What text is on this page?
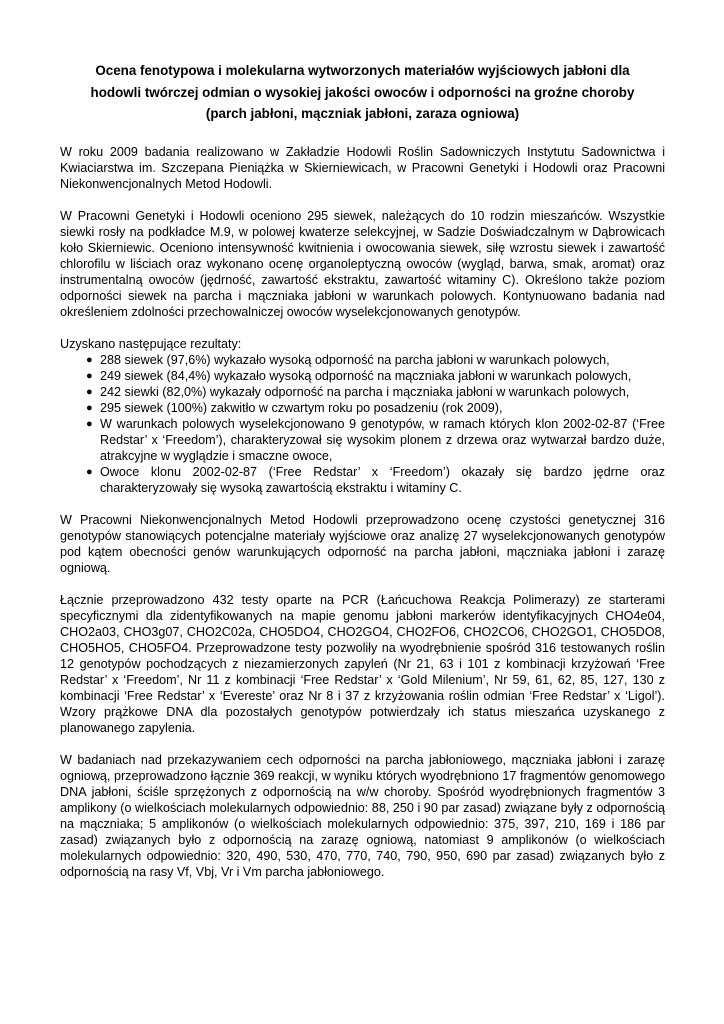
Ocena fenotypowa i molekularna wytworzonych materiałów wyjściowych jabłoni dla
hodowli twórczej odmian o wysokiej jakości owoców i odporności na groźne choroby
(parch jabłoni, mączniak jabłoni, zaraza ogniowa)

W roku 2009 badania realizowano w Zakładzie Hodowli Roślin Sadowniczych Instytutu Sadownictwa i Kwiaciarstwa im. Szczepana Pieniążka w Skierniewicach, w Pracowni Genetyki i Hodowli oraz Pracowni Niekonwencjonalnych Metod Hodowli.

W Pracowni Genetyki i Hodowli oceniono 295 siewek, należących do 10 rodzin mieszańców. Wszystkie siewki rosły na podkładce M.9, w polowej kwaterze selekcyjnej, w Sadzie Doświadczalnym w Dąbrowicach koło Skierniewic. Oceniono intensywność kwitnienia i owocowania siewek, siłę wzrostu siewek i zawartość chlorofilu w liściach oraz wykonano ocenę organoleptyczną owoców (wygląd, barwa, smak, aromat) oraz instrumentalną owoców (jędrność, zawartość ekstraktu, zawartość witaminy C). Określono także poziom odporności siewek na parcha i mączniaka jabłoni w warunkach polowych. Kontynuowano badania nad określeniem zdolności przechowalniczej owoców wyselekcjonowanych genotypów.

Uzyskano następujące rezultaty:

● 288 siewek (97,6%) wykazało wysoką odporność na parcha jabłoni w warunkach polowych,
● 249 siewek (84,4%) wykazało wysoką odporność na mączniaka jabłoni w warunkach polowych,
● 242 siewki (82,0%) wykazały odporność na parcha i mączniaka jabłoni w warunkach polowych,
● 295 siewek (100%) zakwitło w czwartym roku po posadzeniu (rok 2009),
● W warunkach polowych wyselekcjonowano 9 genotypów, w ramach których klon 2002-02-87 (‘Free Redstar’ x ‘Freedom’), charakteryzował się wysokim plonem z drzewa oraz wytwarzał bardzo duże, atrakcyjne w wyglądzie i smaczne owoce,
● Owoce klonu 2002-02-87 (‘Free Redstar’ x ‘Freedom’) okazały się bardzo jędrne oraz charakteryzowały się wysoką zawartością ekstraktu i witaminy C.

W Pracowni Niekonwencjonalnych Metod Hodowli przeprowadzono ocenę czystości genetycznej 316 genotypów stanowiących potencjalne materiały wyjściowe oraz analizę 27 wyselekcjonowanych genotypów pod kątem obecności genów warunkujących odporność na parcha jabłoni, mączniaka jabłoni i zarazę ogniową.

Łącznie przeprowadzono 432 testy oparte na PCR (Łańcuchowa Reakcja Polimerazy) ze starterami specyficznymi dla zidentyfikowanych na mapie genomu jabłoni markerów identyfikacyjnych CHO4e04, CHO2a03, CHO3g07, CHO2C02a, CHO5DO4, CHO2GO4, CHO2FO6, CHO2CO6, CHO2GO1, CHO5DO8, CHO5HO5, CHO5FO4. Przeprowadzone testy pozwoliły na wyodrębnienie spośród 316 testowanych roślin 12 genotypów pochodzących z niezamierzonych zapyleń (Nr 21, 63 i 101 z kombinacji krzyżowań ‘Free Redstar’ x ‘Freedom’, Nr 11 z kombinacji ‘Free Redstar’ x ‘Gold Milenium’, Nr 59, 61, 62, 85, 127, 130 z kombinacji ‘Free Redstar’ x ‘Evereste’ oraz Nr 8 i 37 z krzyżowania roślin odmian ‘Free Redstar’ x ‘Ligol’). Wzory prążkowe DNA dla pozostałych genotypów potwierdzały ich status mieszańca uzyskanego z planowanego zapylenia.

W badaniach nad przekazywaniem cech odporności na parcha jabłoniowego, mączniaka jabłoni i zarazę ogniową, przeprowadzono łącznie 369 reakcji, w wyniku których wyodrębniono 17 fragmentów genomowego DNA jabłoni, ściśle sprzężonych z odpornością na w/w choroby. Spośród wyodrębnionych fragmentów 3 amplikony (o wielkościach molekularnych odpowiednio: 88, 250 i 90 par zasad) związane były z odpornością na mączniaka; 5 amplikonów (o wielkościach molekularnych odpowiednio: 375, 397, 210, 169 i 186 par zasad) związanych było z odpornością na zarazę ogniową, natomiast 9 amplikonów (o wielkościach molekularnych odpowiednio: 320, 490, 530, 470, 770, 740, 790, 950, 690 par zasad) związanych było z odpornością na rasy Vf, Vbj, Vr i Vm parcha jabłoniowego.
